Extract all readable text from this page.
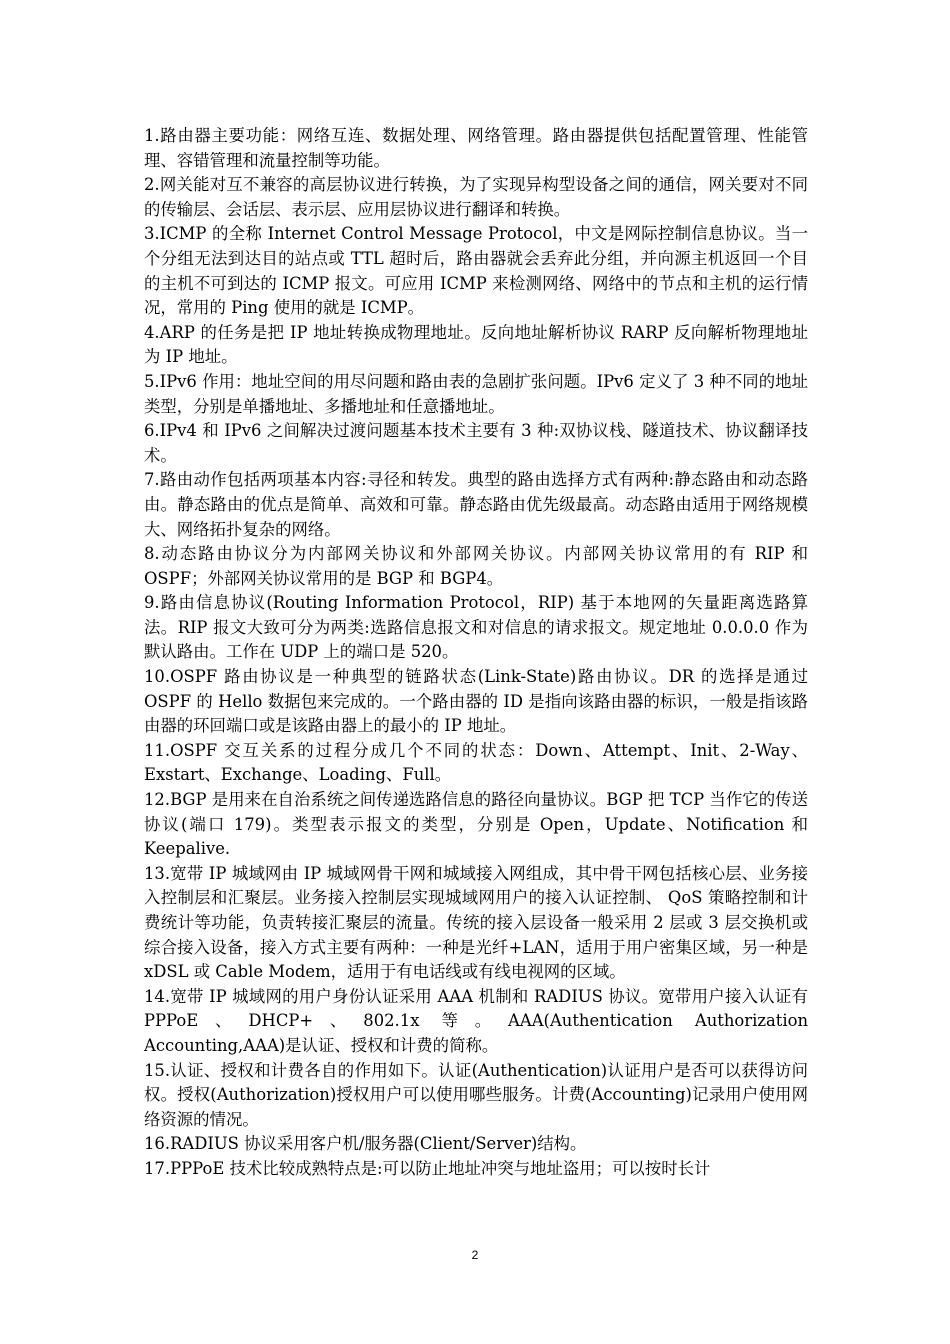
1.路由器主要功能：网络互连、数据处理、网络管理。路由器提供包括配置管理、性能管理、容错管理和流量控制等功能。

2.网关能对互不兼容的高层协议进行转换，为了实现异构型设备之间的通信，网关要对不同的传输层、会话层、表示层、应用层协议进行翻译和转换。

3.ICMP 的全称 Internet Control Message Protocol，中文是网际控制信息协议。当一个分组无法到达目的站点或 TTL 超时后，路由器就会丢弃此分组，并向源主机返回一个目的主机不可到达的 ICMP 报文。可应用 ICMP 来检测网络、网络中的节点和主机的运行情况，常用的 Ping 使用的就是 ICMP。

4.ARP 的任务是把 IP 地址转换成物理地址。反向地址解析协议 RARP 反向解析物理地址为 IP 地址。

5.IPv6 作用：地址空间的用尽问题和路由表的急剧扩张问题。IPv6 定义了 3 种不同的地址类型，分别是单播地址、多播地址和任意播地址。

6.IPv4 和 IPv6 之间解决过渡问题基本技术主要有 3 种:双协议栈、隧道技术、协议翻译技术。

7.路由动作包括两项基本内容:寻径和转发。典型的路由选择方式有两种:静态路由和动态路由。静态路由的优点是简单、高效和可靠。静态路由优先级最高。动态路由适用于网络规模大、网络拓扑复杂的网络。

8.动态路由协议分为内部网关协议和外部网关协议。内部网关协议常用的有 RIP 和 OSPF；外部网关协议常用的是 BGP 和 BGP4。

9.路由信息协议(Routing Information Protocol，RIP) 基于本地网的矢量距离选路算法。RIP 报文大致可分为两类:选路信息报文和对信息的请求报文。规定地址 0.0.0.0 作为默认路由。工作在 UDP 上的端口是 520。

10.OSPF 路由协议是一种典型的链路状态(Link-State)路由协议。DR 的选择是通过 OSPF 的 Hello 数据包来完成的。一个路由器的 ID 是指向该路由器的标识，一般是指该路由器的环回端口或是该路由器上的最小的 IP 地址。

11.OSPF 交互关系的过程分成几个不同的状态：Down、Attempt、Init、2-Way、Exstart、Exchange、Loading、Full。

12.BGP 是用来在自治系统之间传递选路信息的路径向量协议。BGP 把 TCP 当作它的传送协议(端口 179)。类型表示报文的类型，分别是 Open，Update、Notification 和 Keepalive.

13.宽带 IP 城域网由 IP 城域网骨干网和城域接入网组成，其中骨干网包括核心层、业务接入控制层和汇聚层。业务接入控制层实现城域网用户的接入认证控制、 QoS 策略控制和计费统计等功能，负责转接汇聚层的流量。传统的接入层设备一般采用 2 层或 3 层交换机或综合接入设备，接入方式主要有两种：一种是光纤+LAN，适用于用户密集区域，另一种是 xDSL 或 Cable Modem，适用于有电话线或有线电视网的区域。

14.宽带 IP 城域网的用户身份认证采用 AAA 机制和 RADIUS 协议。宽带用户接入认证有 PPPoE、DHCP+、802.1x 等。AAA(Authentication Authorization Accounting,AAA)是认证、授权和计费的简称。

15.认证、授权和计费各自的作用如下。认证(Authentication)认证用户是否可以获得访问权。授权(Authorization)授权用户可以使用哪些服务。计费(Accounting)记录用户使用网络资源的情况。

16.RADIUS 协议采用客户机/服务器(Client/Server)结构。

17.PPPoE 技术比较成熟特点是:可以防止地址冲突与地址盗用；可以按时长计

2
